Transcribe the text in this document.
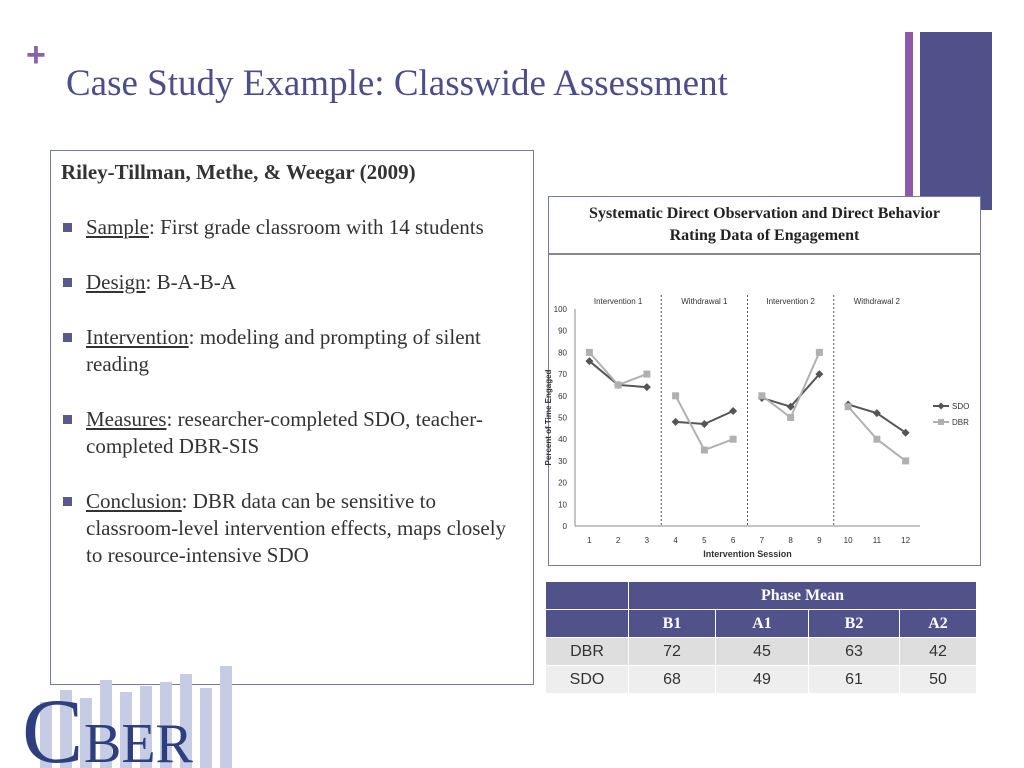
+
Case Study Example: Classwide Assessment

Riley-Tillman, Methe, & Weegar (2009)

Sample: First grade classroom with 14 students
Design: B-A-B-A
Intervention: modeling and prompting of silent reading
Measures: researcher-completed SDO, teacher-completed DBR-SIS
Conclusion: DBR data can be sensitive to classroom-level intervention effects, maps closely to resource-intensive SDO
Systematic Direct Observation and Direct Behavior
Rating Data of Engagement
0
10
20
30
40
50
60
70
80
90
100
1	2	3	4	5	6	7	8	9	10	11	12
Intervention Session
Percent of Time Engaged
Intervention 1	Withdrawal 1	Intervention 2	Withdrawal 2
SDO
DBR
	Phase Mean			
	B1	A1	B2	A2
DBR	72	45	63	42
SDO	68	49	61	50
C BER
